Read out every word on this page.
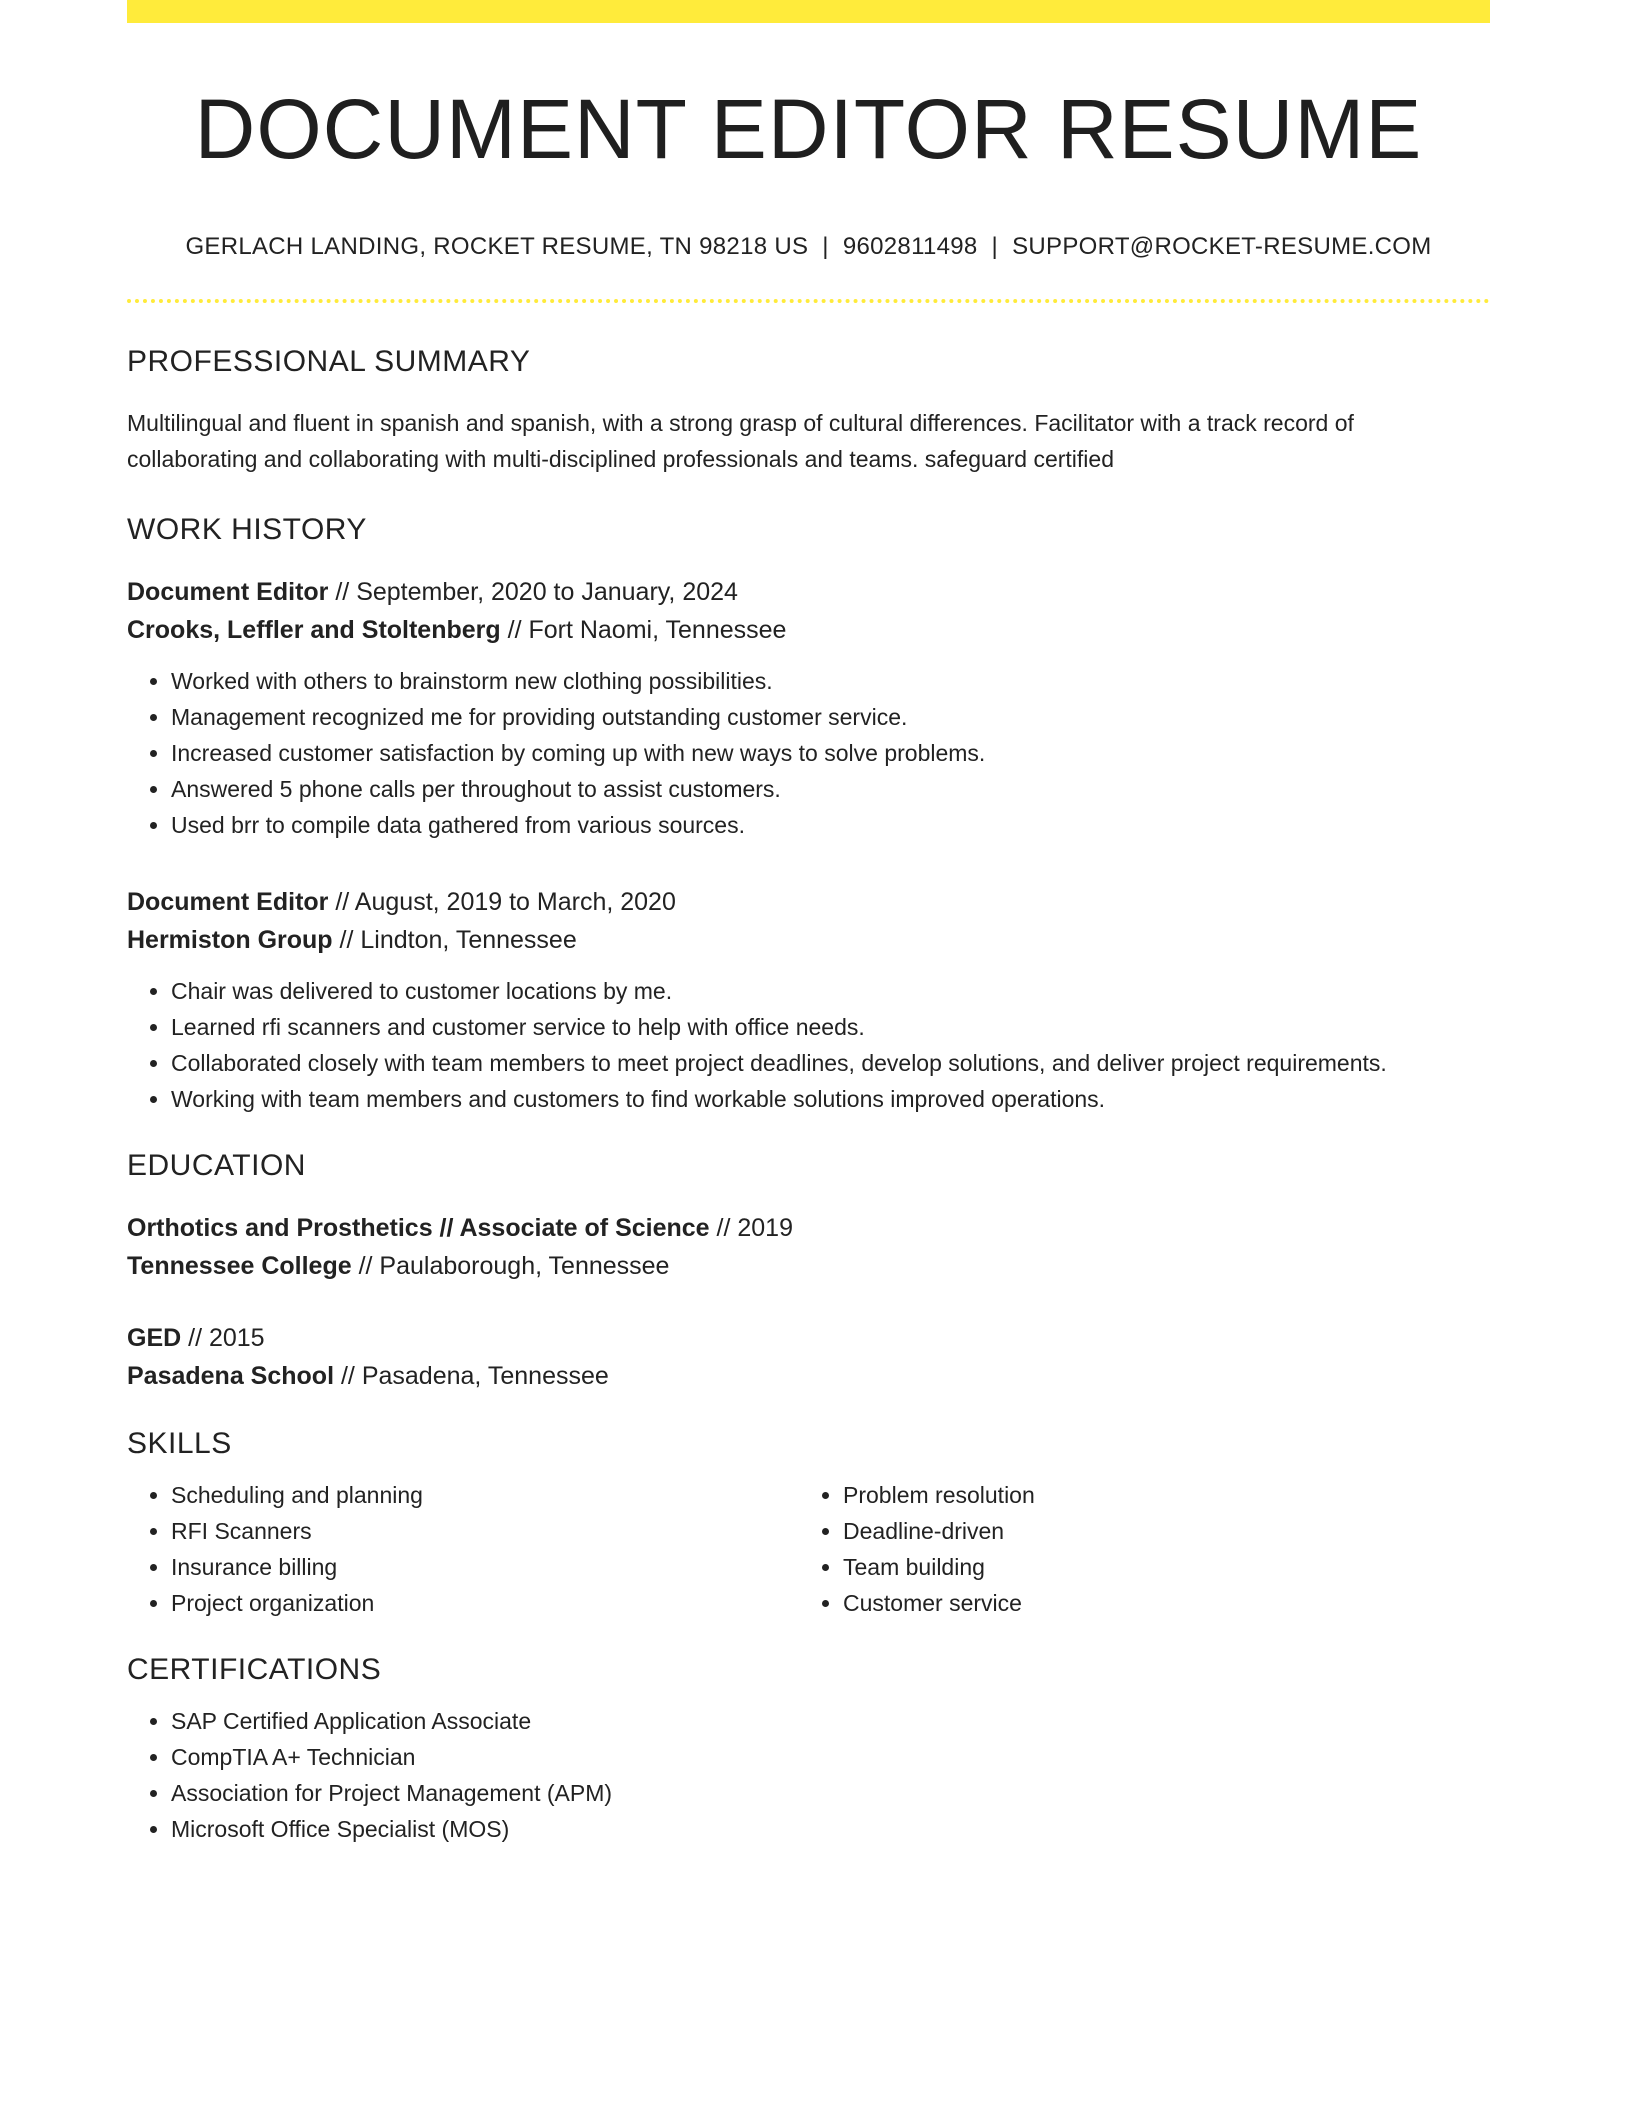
DOCUMENT EDITOR RESUME
GERLACH LANDING, ROCKET RESUME, TN 98218 US | 9602811498 | SUPPORT@ROCKET-RESUME.COM
PROFESSIONAL SUMMARY

Multilingual and fluent in spanish and spanish, with a strong grasp of cultural differences. Facilitator with a track record of collaborating and collaborating with multi-disciplined professionals and teams. safeguard certified

WORK HISTORY
Document Editor // September, 2020 to January, 2024
Crooks, Leffler and Stoltenberg // Fort Naomi, Tennessee
• Worked with others to brainstorm new clothing possibilities.
• Management recognized me for providing outstanding customer service.
• Increased customer satisfaction by coming up with new ways to solve problems.
• Answered 5 phone calls per throughout to assist customers.
• Used brr to compile data gathered from various sources.
Document Editor // August, 2019 to March, 2020
Hermiston Group // Lindton, Tennessee
• Chair was delivered to customer locations by me.
• Learned rfi scanners and customer service to help with office needs.
• Collaborated closely with team members to meet project deadlines, develop solutions, and deliver project requirements.
• Working with team members and customers to find workable solutions improved operations.
EDUCATION
Orthotics and Prosthetics // Associate of Science // 2019
Tennessee College // Paulaborough, Tennessee
GED // 2015
Pasadena School // Pasadena, Tennessee
SKILLS
• Scheduling and planning
• RFI Scanners
• Insurance billing
• Project organization
• Problem resolution
• Deadline-driven
• Team building
• Customer service
CERTIFICATIONS
• SAP Certified Application Associate
• CompTIA A+ Technician
• Association for Project Management (APM)
• Microsoft Office Specialist (MOS)
